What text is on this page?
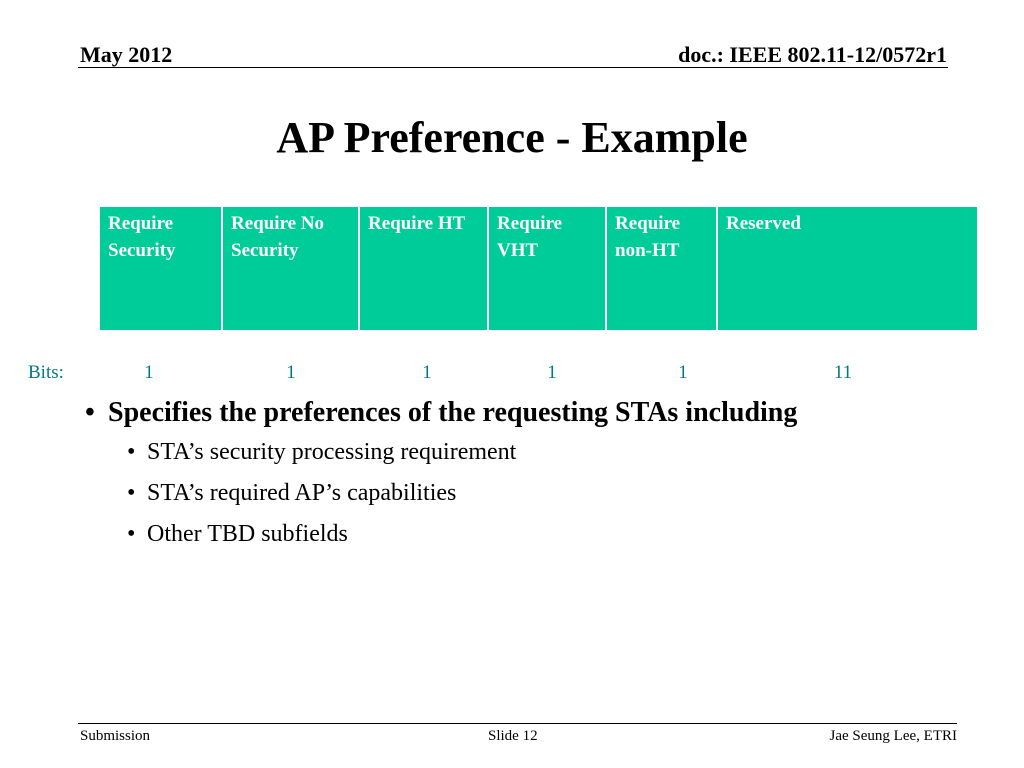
May 2012	doc.: IEEE 802.11-12/0572r1
AP Preference - Example
Require Security	Require No Security	Require HT	Require VHT	Require non-HT	Reserved
Bits:	1	1	1	1	1	11
• Specifies the preferences of the requesting STAs including
• STA’s security processing requirement
• STA’s required AP’s capabilities
• Other TBD subfields
Submission	Slide 12	Jae Seung Lee, ETRI
